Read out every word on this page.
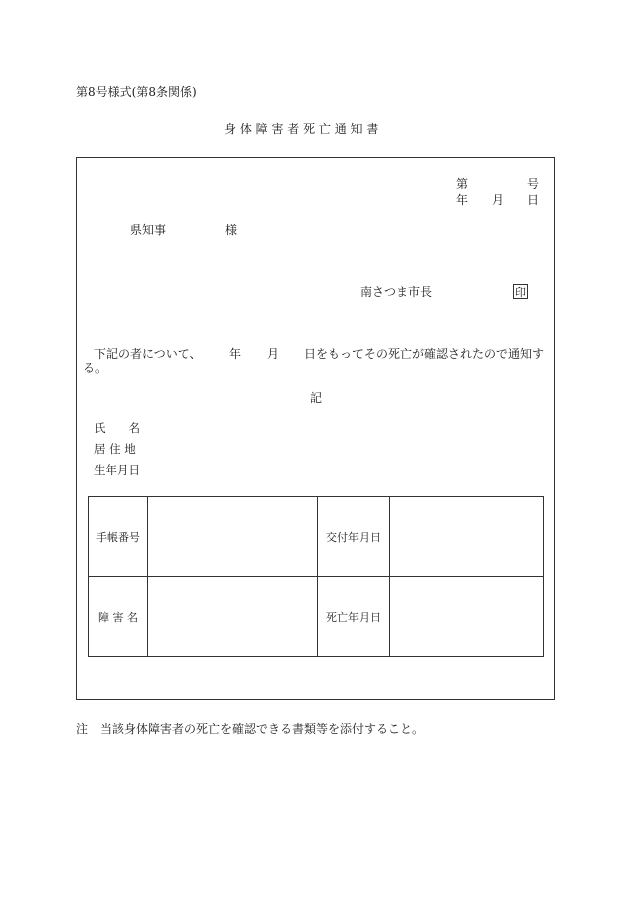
第8号様式(第8条関係)
身 体 障 害 者 死 亡 通 知 書
第	号
年 月 日
県知事	様
南さつま市長	印
下記の者について、 年 月 日をもってその死亡が確認されたので通知す
る。
記
氏　　名
居 住 地
生年月日
手帳番号		交付年月日	
障 害 名		死亡年月日	
注　当該身体障害者の死亡を確認できる書類等を添付すること。
